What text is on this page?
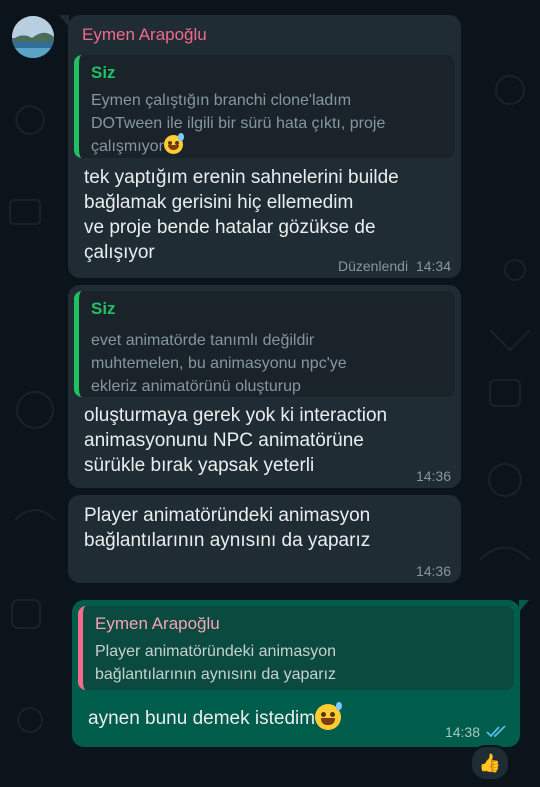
Eymen Arapoğlu
Siz
Eymen çalıştığın branchi clone'ladım
DOTween ile ilgili bir sürü hata çıktı, proje
çalışmıyor
tek yaptığım erenin sahnelerini builde
bağlamak gerisini hiç ellemedim
ve proje bende hatalar gözükse de
çalışıyor
Düzenlendi 14:34
Siz
evet animatörde tanımlı değildir
muhtemelen, bu animasyonu npc'ye
ekleriz animatörünü oluşturup
oluşturmaya gerek yok ki interaction
animasyonunu NPC animatörüne
sürükle bırak yapsak yeterli	14:36
Player animatöründeki animasyon
bağlantılarının aynısını da yaparız
14:36
Eymen Arapoğlu
Player animatöründeki animasyon
bağlantılarının aynısını da yaparız
aynen bunu demek istedim
14:38
👍
